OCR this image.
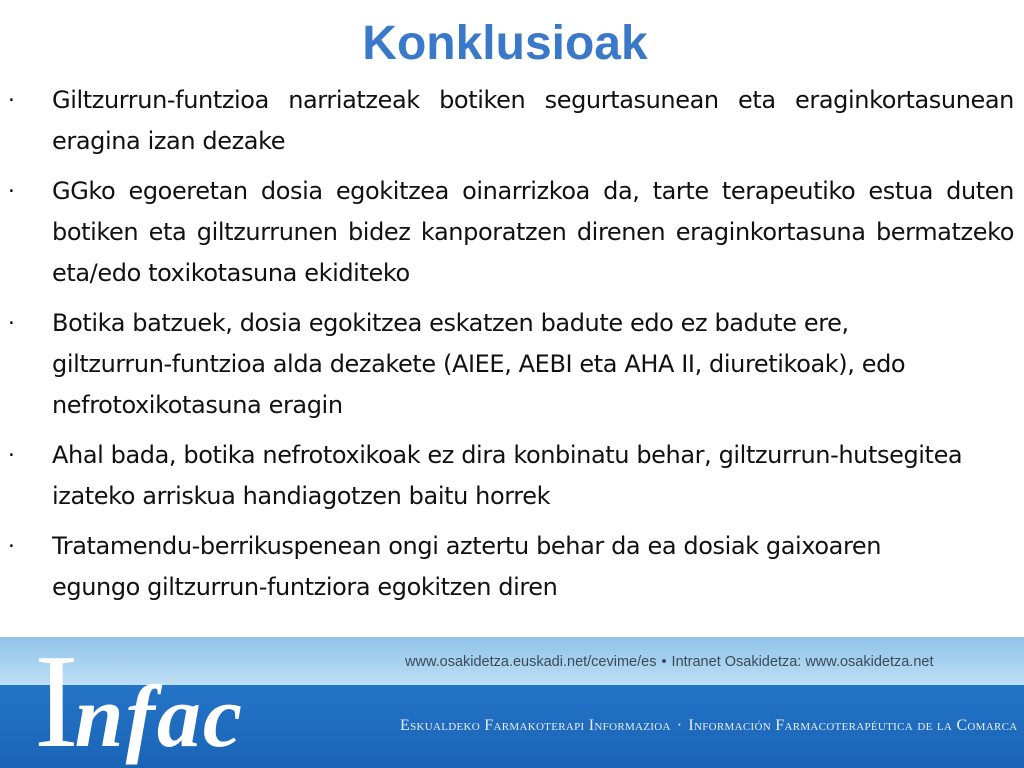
Konklusioak
·	Giltzurrun-funtzioa narriatzeak botiken segurtasunean eta eraginkortasunean eragina izan dezake
·	GGko egoeretan dosia egokitzea oinarrizkoa da, tarte terapeutiko estua duten botiken eta giltzurrunen bidez kanporatzen direnen eraginkortasuna bermatzeko eta/edo toxikotasuna ekiditeko
·	Botika batzuek, dosia egokitzea eskatzen badute edo ez badute ere, giltzurrun-funtzioa alda dezakete (AIEE, AEBI eta AHA II, diuretikoak), edo nefrotoxikotasuna eragin
·	Ahal bada, botika nefrotoxikoak ez dira konbinatu behar, giltzurrun-hutsegitea izateko arriskua handiagotzen baitu horrek
·	Tratamendu-berrikuspenean ongi aztertu behar da ea dosiak gaixoaren egungo giltzurrun-funtziora egokitzen diren
Infac
www.osakidetza.euskadi.net/cevime/es • Intranet Osakidetza: www.osakidetza.net
Eskualdeko Farmakoterapi Informazioa · Información Farmacoterapéutica de la Comarca
